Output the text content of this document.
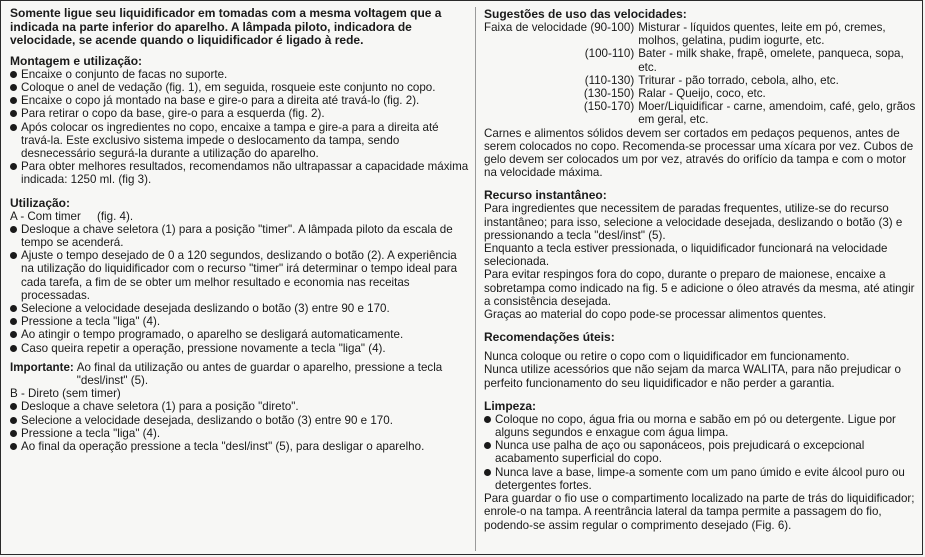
Somente ligue seu liquidificador em tomadas com a mesma voltagem que a indicada na parte inferior do aparelho. A lâmpada piloto, indicadora de velocidade, se acende quando o liquidificador é ligado à rede.

Montagem e utilização:
Encaixe o conjunto de facas no suporte.
Coloque o anel de vedação (fig. 1), em seguida, rosqueie este conjunto no copo.
Encaixe o copo já montado na base e gire-o para a direita até travá-lo (fig. 2).
Para retirar o copo da base, gire-o para a esquerda (fig. 2).
Após colocar os ingredientes no copo, encaixe a tampa e gire-a para a direita até travá-la. Este exclusivo sistema impede o deslocamento da tampa, sendo desnecessário segurá-la durante a utilização do aparelho.
Para obter melhores resultados, recomendamos não ultrapassar a capacidade máxima indicada: 1250 ml. (fig 3).
Utilização:

A - Com timer     (fig. 4).

Desloque a chave seletora (1) para a posição "timer". A lâmpada piloto da escala de tempo se acenderá.
Ajuste o tempo desejado de 0 a 120 segundos, deslizando o botão (2). A experiência na utilização do liquidificador com o recurso "timer" irá determinar o tempo ideal para cada tarefa, a fim de se obter um melhor resultado e economia nas receitas processadas.
Selecione a velocidade desejada deslizando o botão (3) entre 90 e 170.
Pressione a tecla "liga" (4).
Ao atingir o tempo programado, o aparelho se desligará automaticamente.
Caso queira repetir a operação, pressione novamente a tecla "liga" (4).
Importante: Ao final da utilização ou antes de guardar o aparelho, pressione a tecla "desl/inst" (5).

B - Direto (sem timer)

Desloque a chave seletora (1) para a posição "direto".
Selecione a velocidade desejada, deslizando o botão (3) entre 90 e 170.
Pressione a tecla "liga" (4).
Ao final da operação pressione a tecla "desl/inst" (5), para desligar o aparelho.
Sugestões de uso das velocidades:
Faixa de velocidade (90-100) Misturar - líquidos quentes, leite em pó, cremes, molhos, gelatina, pudim iogurte, etc.
(100-110) Bater - milk shake, frapê, omelete, panqueca, sopa, etc.
(110-130) Triturar - pão torrado, cebola, alho, etc.
(130-150) Ralar - Queijo, coco, etc.
(150-170) Moer/Liquidificar - carne, amendoim, café, gelo, grãos em geral, etc.

Carnes e alimentos sólidos devem ser cortados em pedaços pequenos, antes de serem colocados no copo. Recomenda-se processar uma xícara por vez. Cubos de gelo devem ser colocados um por vez, através do orifício da tampa e com o motor na velocidade máxima.

Recurso instantâneo:

Para ingredientes que necessitem de paradas frequentes, utilize-se do recurso instantâneo; para isso, selecione a velocidade desejada, deslizando o botão (3) e pressionando a tecla "desl/inst" (5).

Enquanto a tecla estiver pressionada, o liquidificador funcionará na velocidade selecionada.

Para evitar respingos fora do copo, durante o preparo de maionese, encaixe a sobretampa como indicado na fig. 5 e adicione o óleo através da mesma, até atingir a consistência desejada.

Graças ao material do copo pode-se processar alimentos quentes.

Recomendações úteis:

Nunca coloque ou retire o copo com o liquidificador em funcionamento.

Nunca utilize acessórios que não sejam da marca WALITA, para não prejudicar o perfeito funcionamento do seu liquidificador e não perder a garantia.

Limpeza:
Coloque no copo, água fria ou morna e sabão em pó ou detergente. Ligue por alguns segundos e enxague com água limpa.
Nunca use palha de aço ou saponáceos, pois prejudicará o excepcional acabamento superficial do copo.
Nunca lave a base, limpe-a somente com um pano úmido e evite álcool puro ou detergentes fortes.

Para guardar o fio use o compartimento localizado na parte de trás do liquidificador; enrole-o na tampa. A reentrância lateral da tampa permite a passagem do fio, podendo-se assim regular o comprimento desejado (Fig. 6).
